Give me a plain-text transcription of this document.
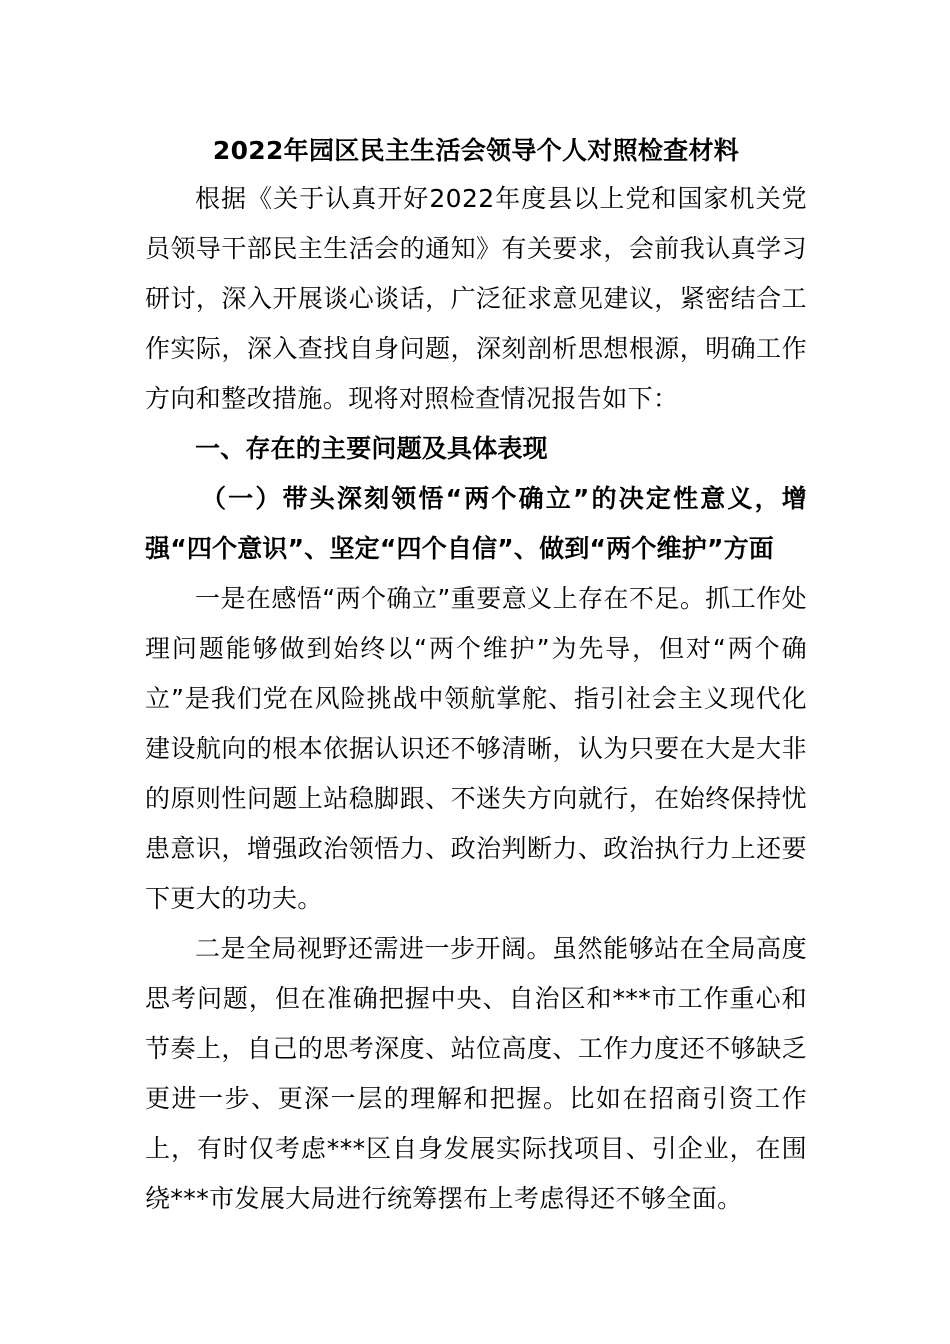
2022年园区民主生活会领导个人对照检查材料

根据《关于认真开好2022年度县以上党和国家机关党员领导干部民主生活会的通知》有关要求，会前我认真学习研讨，深入开展谈心谈话，广泛征求意见建议，紧密结合工作实际，深入查找自身问题，深刻剖析思想根源，明确工作方向和整改措施。现将对照检查情况报告如下：

一、存在的主要问题及具体表现

（一）带头深刻领悟“两个确立”的决定性意义，增强“四个意识”、坚定“四个自信”、做到“两个维护”方面

一是在感悟“两个确立”重要意义上存在不足。抓工作处理问题能够做到始终以“两个维护”为先导，但对“两个确立”是我们党在风险挑战中领航掌舵、指引社会主义现代化建设航向的根本依据认识还不够清晰，认为只要在大是大非的原则性问题上站稳脚跟、不迷失方向就行，在始终保持忧患意识，增强政治领悟力、政治判断力、政治执行力上还要下更大的功夫。

二是全局视野还需进一步开阔。虽然能够站在全局高度思考问题，但在准确把握中央、自治区和***市工作重心和节奏上，自己的思考深度、站位高度、工作力度还不够缺乏更进一步、更深一层的理解和把握。比如在招商引资工作上，有时仅考虑***区自身发展实际找项目、引企业，在围绕***市发展大局进行统筹摆布上考虑得还不够全面。
